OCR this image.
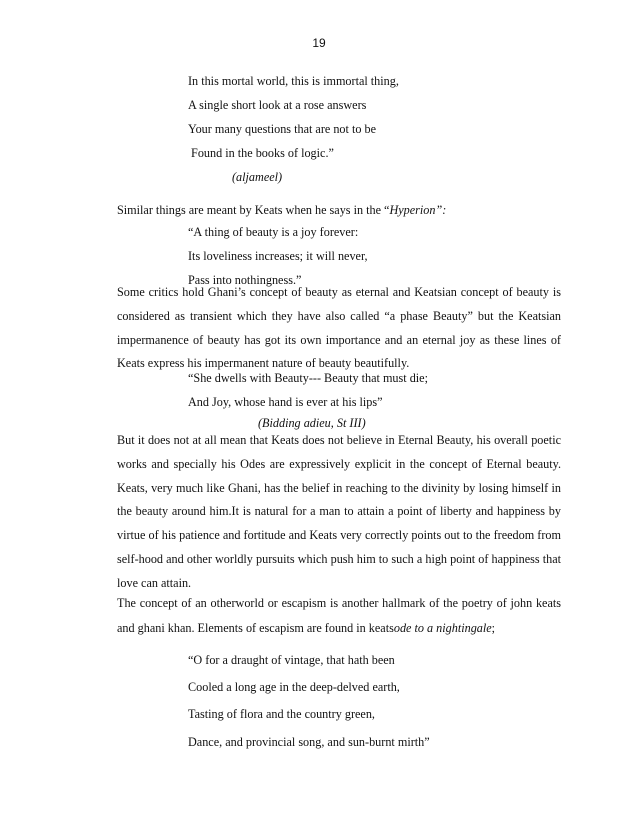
19
In this mortal world, this is immortal thing,
A single short look at a rose answers
Your many questions that are not to be
Found in the books of logic.”
(aljameel)
Similar things are meant by Keats when he says in the “Hyperion”:
“A thing of beauty is a joy forever:
Its loveliness increases; it will never,
Pass into nothingness.”

Some critics hold Ghani’s concept of beauty as eternal and Keatsian concept of beauty is considered as transient which they have also called “a phase Beauty” but the Keatsian impermanence of beauty has got its own importance and an eternal joy as these lines of Keats express his impermanent nature of beauty beautifully.

“She dwells with Beauty--- Beauty that must die;
And Joy, whose hand is ever at his lips”
(Bidding adieu, St III)

But it does not at all mean that Keats does not believe in Eternal Beauty, his overall poetic works and specially his Odes are expressively explicit in the concept of Eternal beauty. Keats, very much like Ghani, has the belief in reaching to the divinity by losing himself in the beauty around him.It is natural for a man to attain a point of liberty and happiness by virtue of his patience and fortitude and Keats very correctly points out to the freedom from self-hood and other worldly pursuits which push him to such a high point of happiness that love can attain.

The concept of an otherworld or escapism is another hallmark of the poetry of john keats and ghani khan. Elements of escapism are found in keatsode to a nightingale;

“O for a draught of vintage, that hath been
Cooled a long age in the deep-delved earth,
Tasting of flora and the country green,
Dance, and provincial song, and sun-burnt mirth”
